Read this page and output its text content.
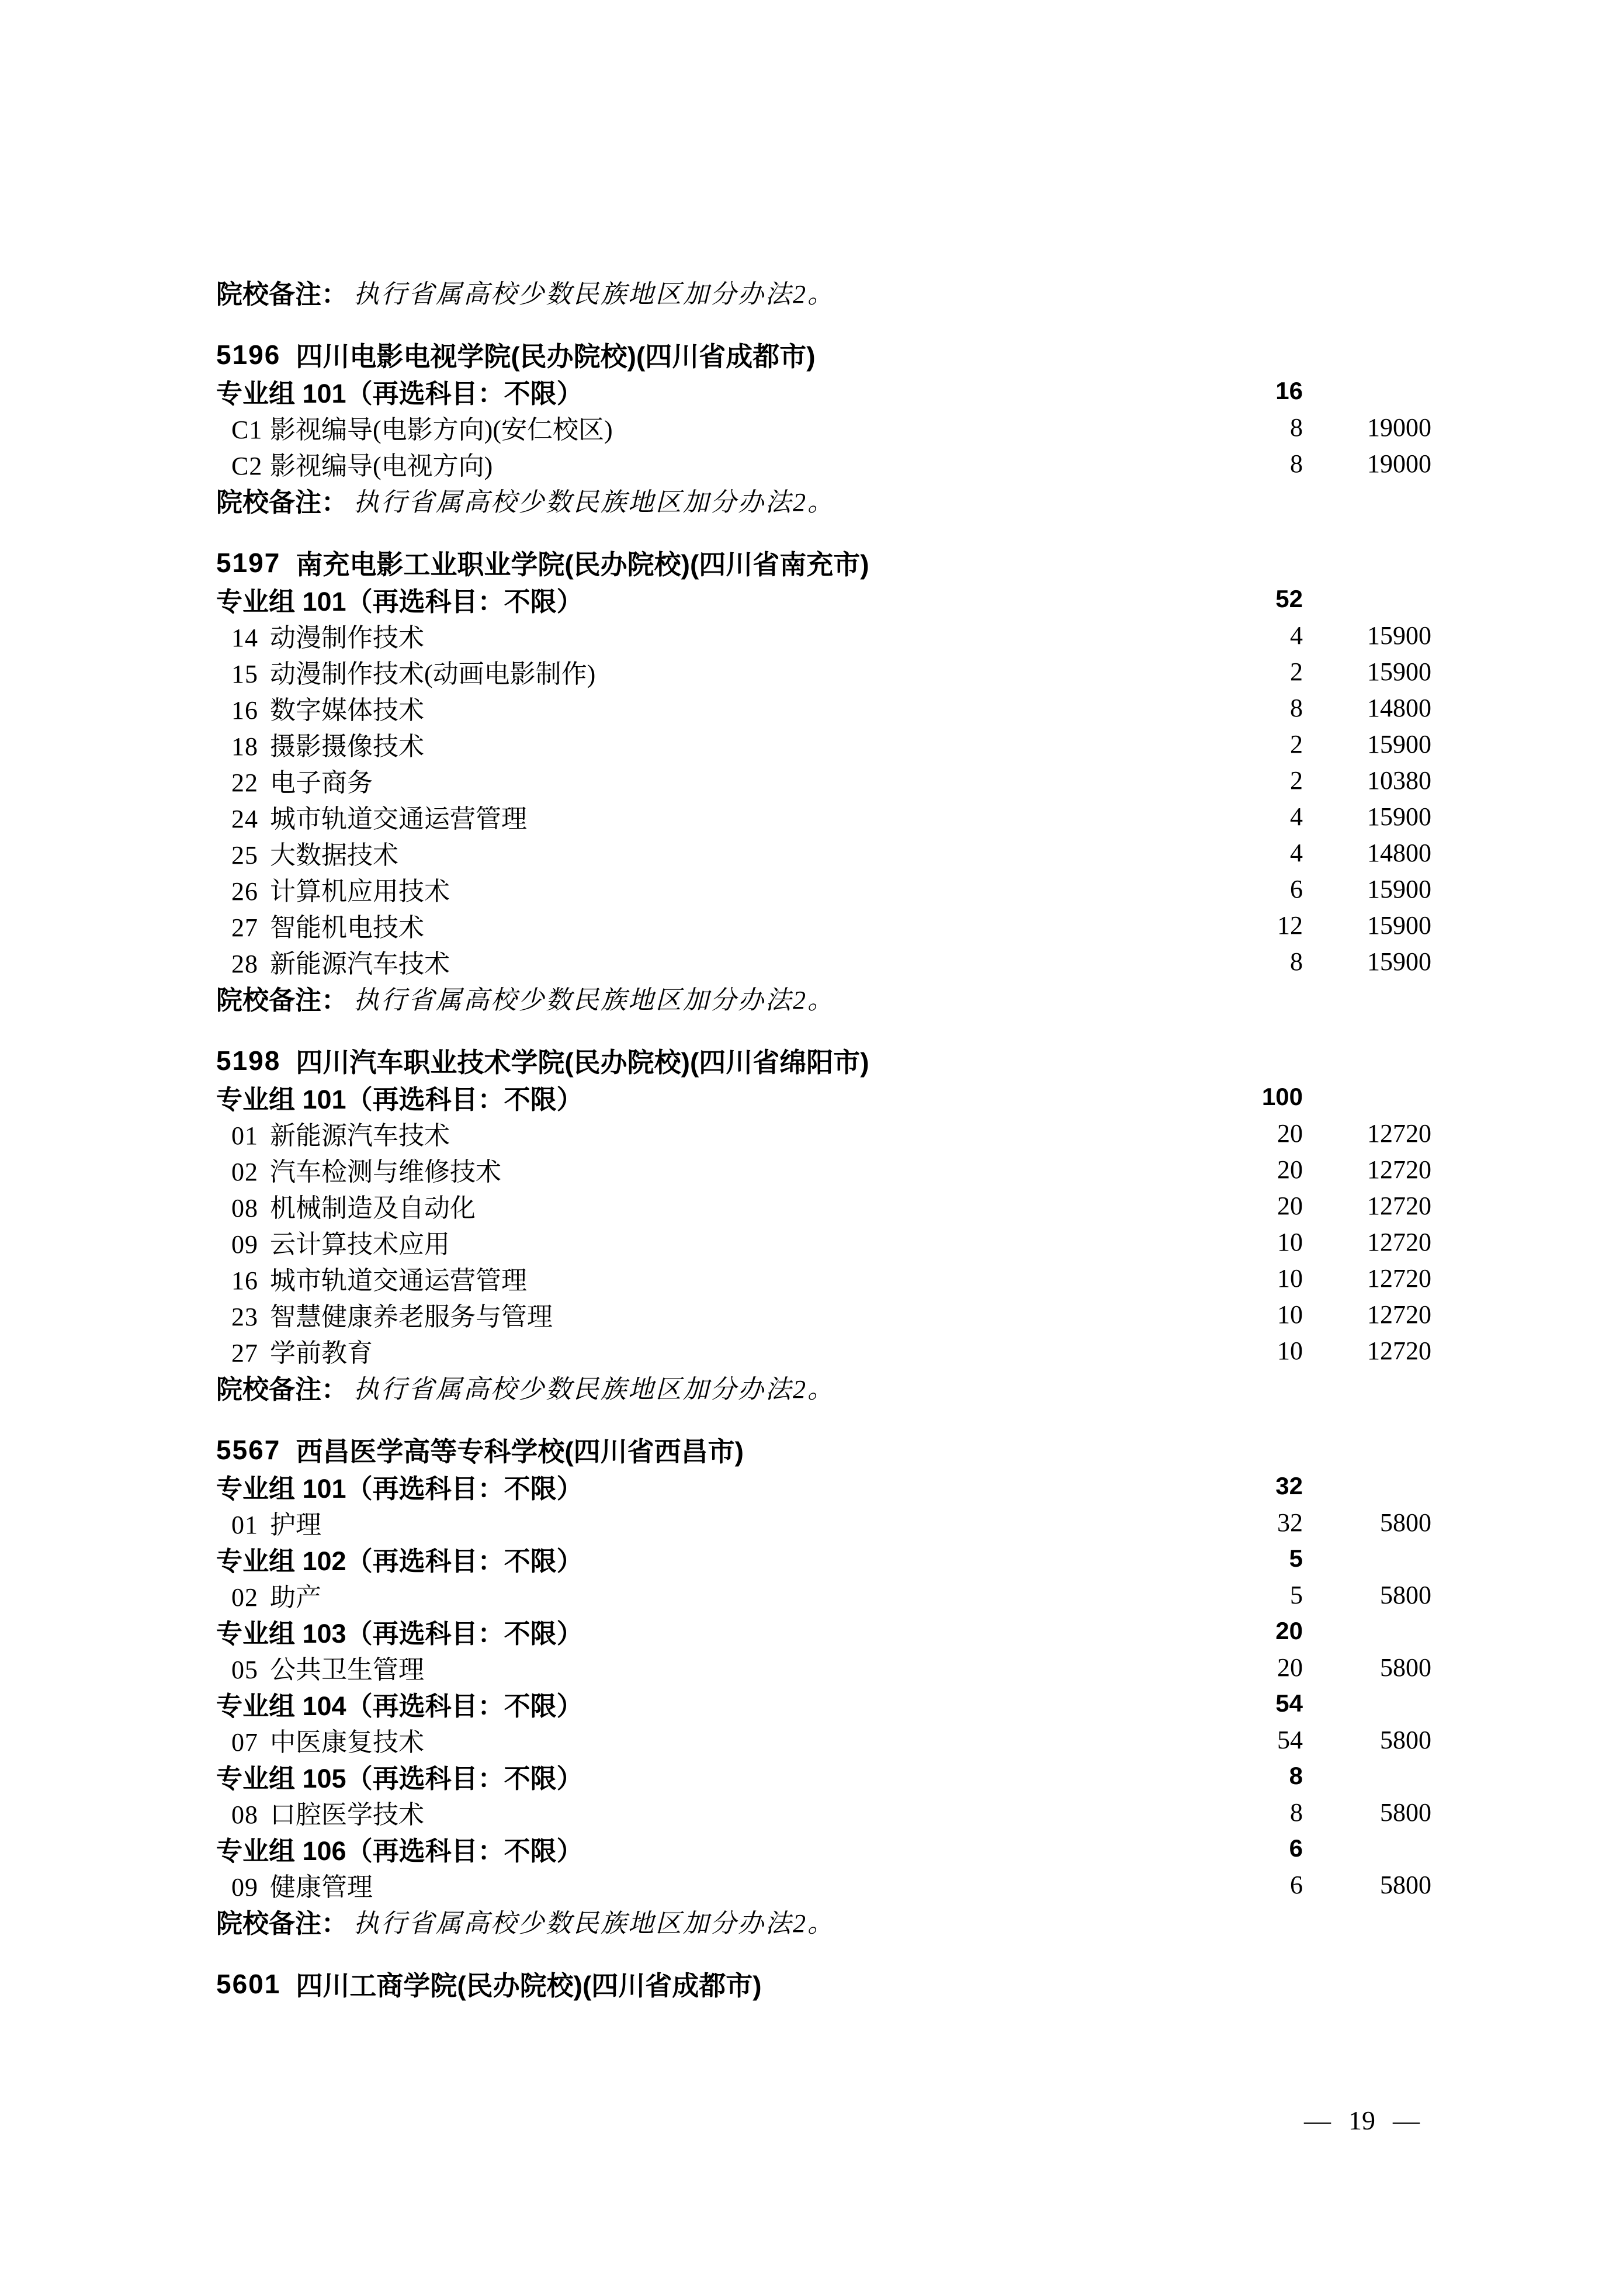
院校备注： 执行省属高校少数民族地区加分办法2。
5196 四川电影电视学院(民办院校)(四川省成都市)
专业组 101（再选科目：不限）	16
C1 影视编导(电影方向)(安仁校区)	8	19000
C2 影视编导(电视方向)	8	19000
院校备注： 执行省属高校少数民族地区加分办法2。
5197 南充电影工业职业学院(民办院校)(四川省南充市)
专业组 101（再选科目：不限）	52
14 动漫制作技术	4	15900
15 动漫制作技术(动画电影制作)	2	15900
16 数字媒体技术	8	14800
18 摄影摄像技术	2	15900
22 电子商务	2	10380
24 城市轨道交通运营管理	4	15900
25 大数据技术	4	14800
26 计算机应用技术	6	15900
27 智能机电技术	12	15900
28 新能源汽车技术	8	15900
院校备注： 执行省属高校少数民族地区加分办法2。
5198 四川汽车职业技术学院(民办院校)(四川省绵阳市)
专业组 101（再选科目：不限）	100
01 新能源汽车技术	20	12720
02 汽车检测与维修技术	20	12720
08 机械制造及自动化	20	12720
09 云计算技术应用	10	12720
16 城市轨道交通运营管理	10	12720
23 智慧健康养老服务与管理	10	12720
27 学前教育	10	12720
院校备注： 执行省属高校少数民族地区加分办法2。
5567 西昌医学高等专科学校(四川省西昌市)
专业组 101（再选科目：不限）	32
01 护理	32	5800
专业组 102（再选科目：不限）	5
02 助产	5	5800
专业组 103（再选科目：不限）	20
05 公共卫生管理	20	5800
专业组 104（再选科目：不限）	54
07 中医康复技术	54	5800
专业组 105（再选科目：不限）	8
08 口腔医学技术	8	5800
专业组 106（再选科目：不限）	6
09 健康管理	6	5800
院校备注： 执行省属高校少数民族地区加分办法2。
5601 四川工商学院(民办院校)(四川省成都市)
— 19 —
